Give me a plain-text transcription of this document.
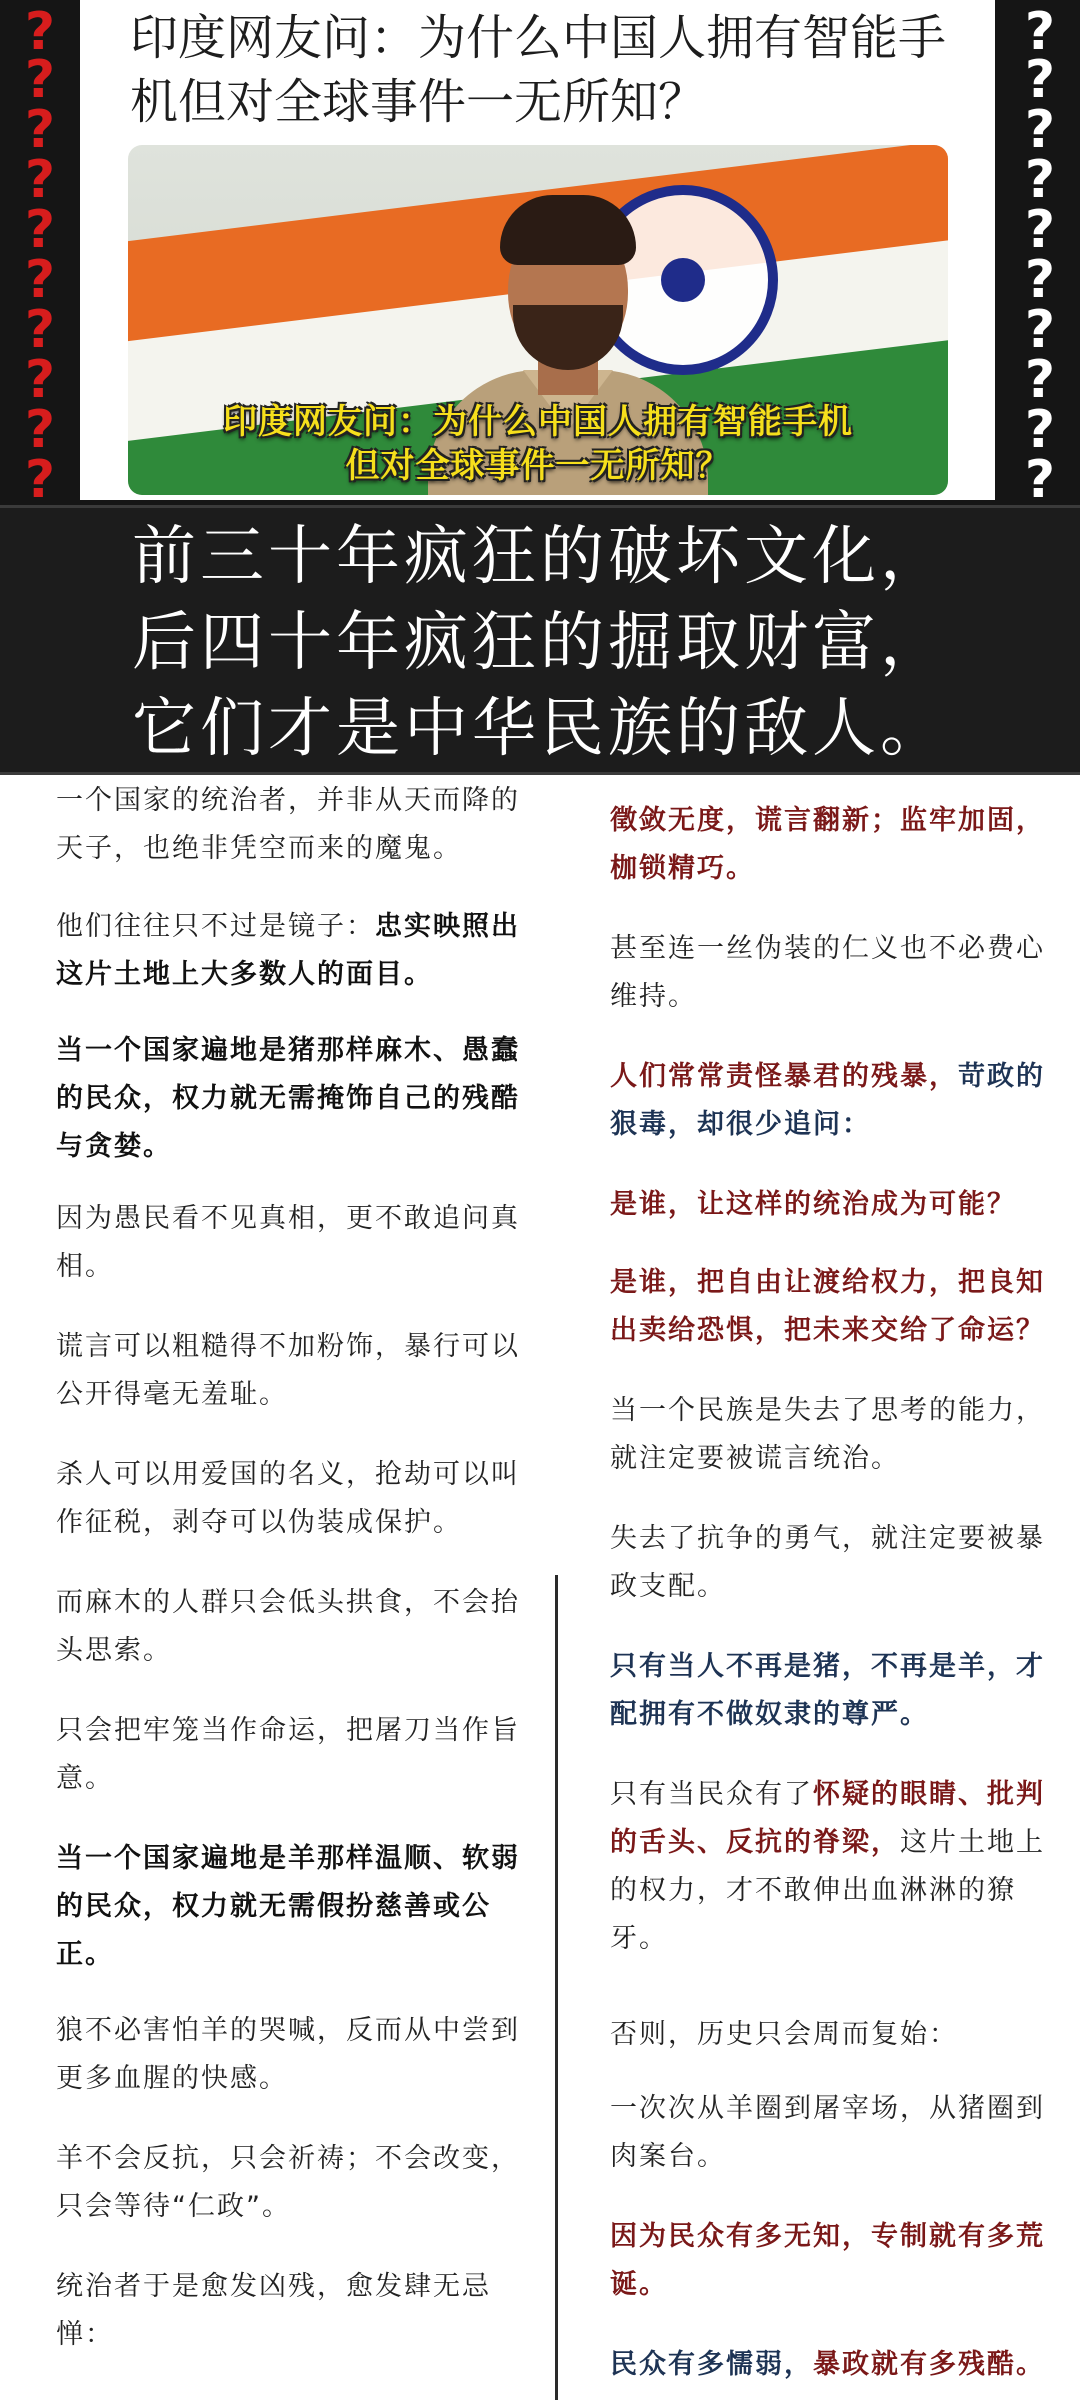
?
?
?
?
?
?
?
?
?
?
印度网友问：为什么中国人拥有智能手机但对全球事件一无所知？
印度网友问：为什么中国人拥有智能手机
但对全球事件一无所知？
?
?
?
?
?
?
?
?
?
?
前三十年疯狂的破坏文化，
后四十年疯狂的掘取财富，
它们才是中华民族的敌人。

一个国家的统治者，并非从天而降的天子，也绝非凭空而来的魔鬼。

他们往往只不过是镜子：忠实映照出这片土地上大多数人的面目。

当一个国家遍地是猪那样麻木、愚蠢的民众，权力就无需掩饰自己的残酷与贪婪。

因为愚民看不见真相，更不敢追问真相。

谎言可以粗糙得不加粉饰，暴行可以公开得毫无羞耻。

杀人可以用爱国的名义，抢劫可以叫作征税，剥夺可以伪装成保护。

而麻木的人群只会低头拱食，不会抬头思索。

只会把牢笼当作命运，把屠刀当作旨意。

当一个国家遍地是羊那样温顺、软弱的民众，权力就无需假扮慈善或公正。

狼不必害怕羊的哭喊，反而从中尝到更多血腥的快感。

羊不会反抗，只会祈祷；不会改变，只会等待“仁政”。

统治者于是愈发凶残，愈发肆无忌惮：

徵敛无度，谎言翻新；监牢加固，枷锁精巧。

甚至连一丝伪装的仁义也不必费心维持。

人们常常责怪暴君的残暴，苛政的狠毒，却很少追问：

是谁，让这样的统治成为可能？

是谁，把自由让渡给权力，把良知出卖给恐惧，把未来交给了命运？

当一个民族是失去了思考的能力，就注定要被谎言统治。

失去了抗争的勇气，就注定要被暴政支配。

只有当人不再是猪，不再是羊，才配拥有不做奴隶的尊严。

只有当民众有了怀疑的眼睛、批判的舌头、反抗的脊梁，这片土地上的权力，才不敢伸出血淋淋的獠牙。

否则，历史只会周而复始：

一次次从羊圈到屠宰场，从猪圈到肉案台。

因为民众有多无知，专制就有多荒诞。

民众有多懦弱，暴政就有多残酷。
